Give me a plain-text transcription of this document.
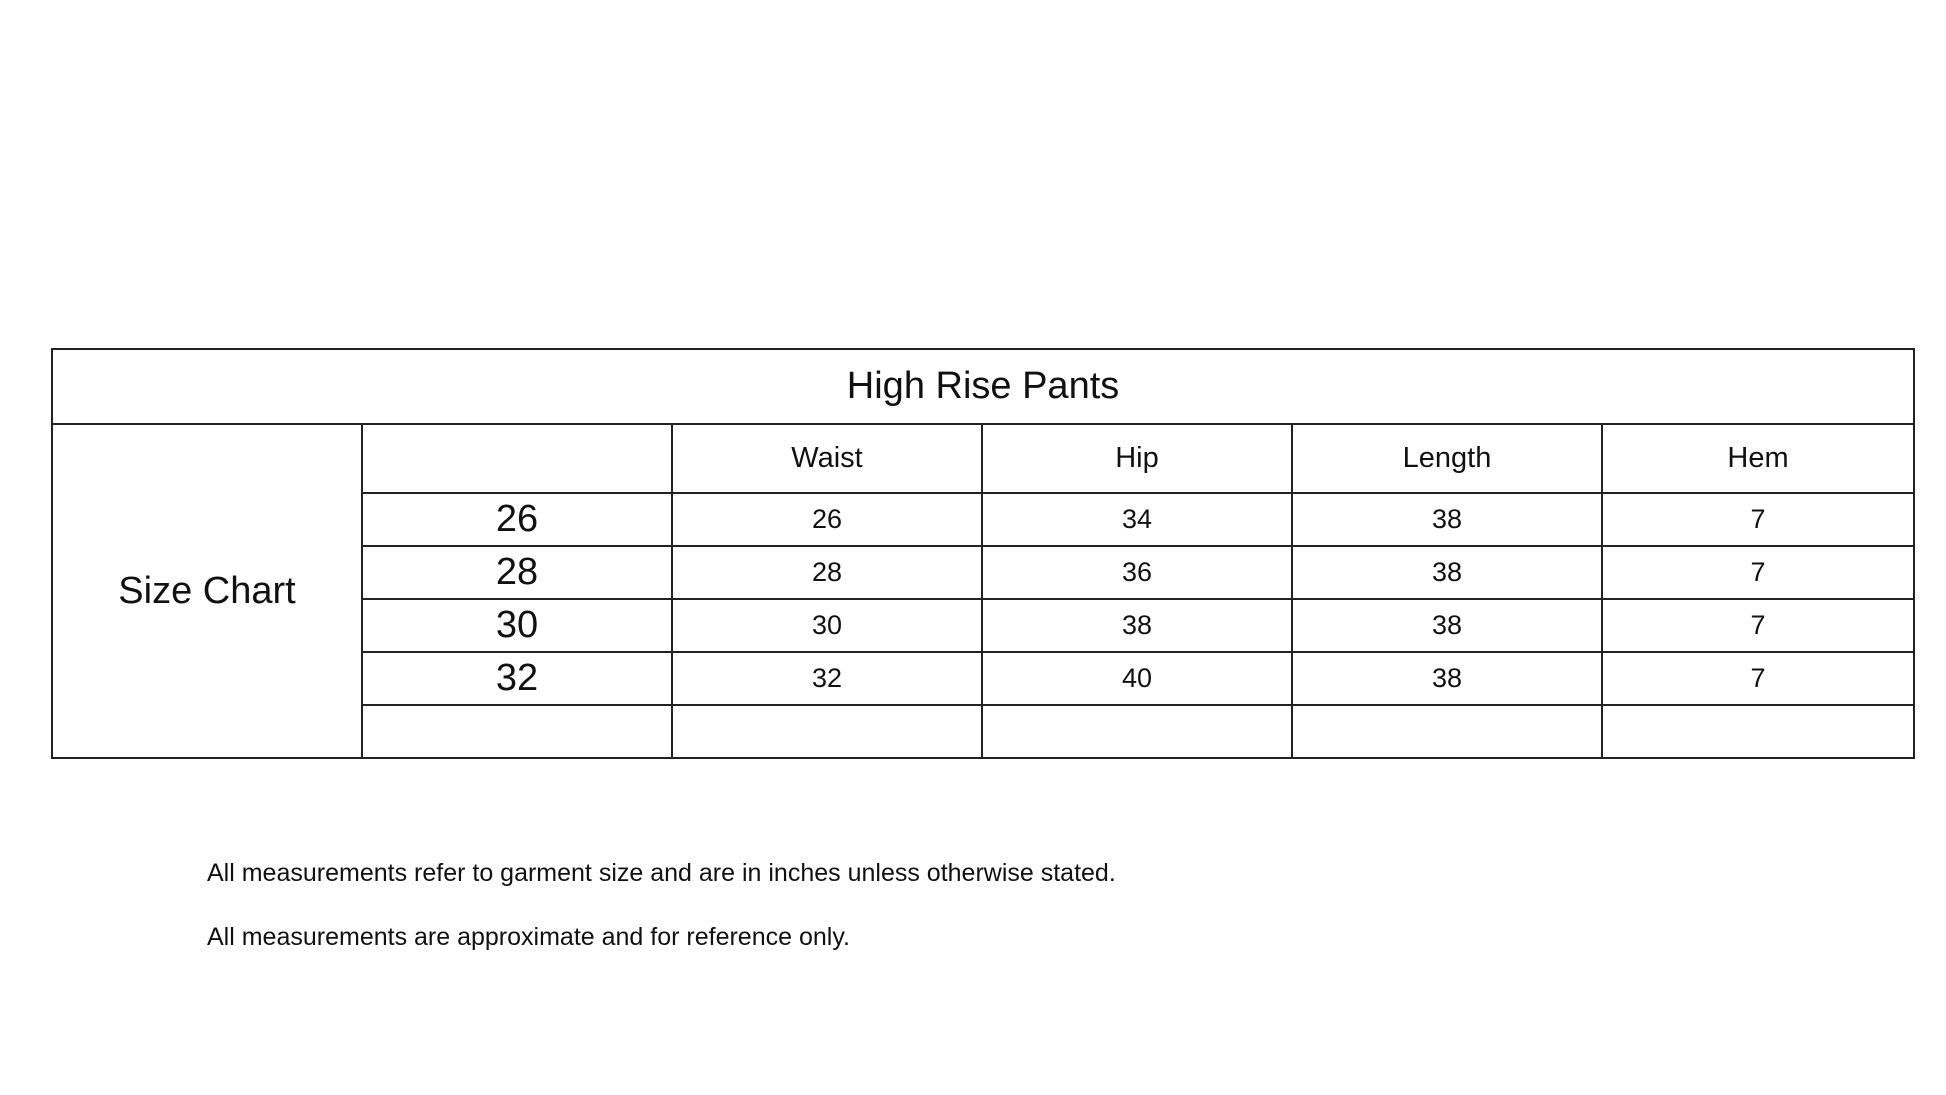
High Rise Pants					
Size Chart		Waist	Hip	Length	Hem
	26	26	34	38	7
	28	28	36	38	7
	30	30	38	38	7
	32	32	40	38	7

All measurements refer to garment size and are in inches unless otherwise stated.
All measurements are approximate and for reference only.
